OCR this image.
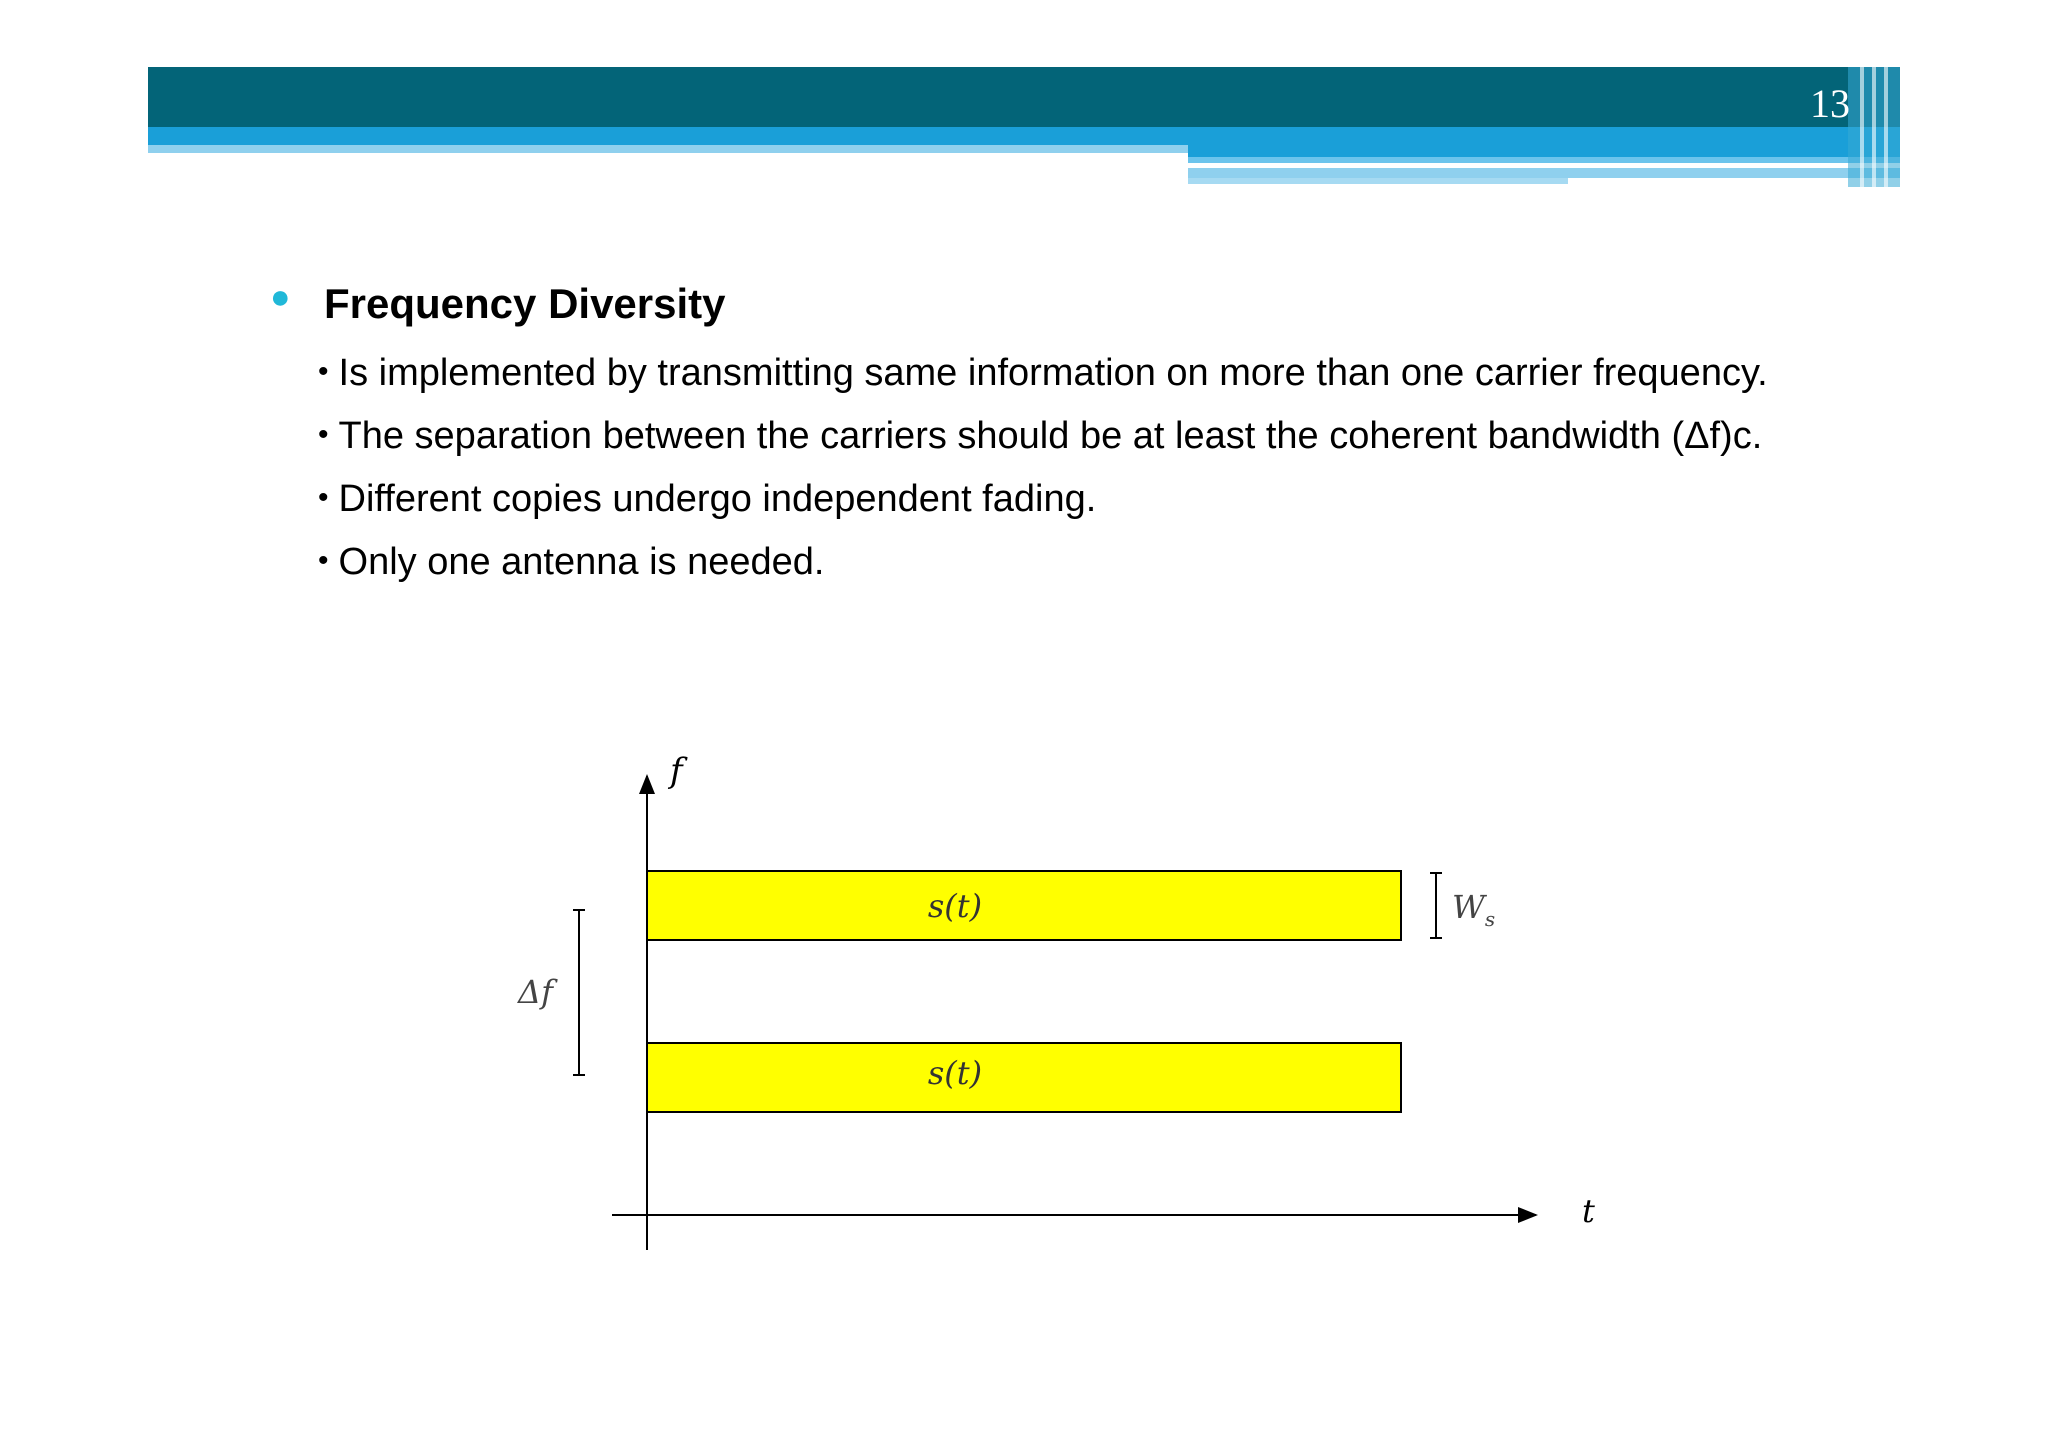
13
● Frequency Diversity
• Is implemented by transmitting same information on more than one carrier frequency.
• The separation between the carriers should be at least the coherent bandwidth (Δf)c.
• Different copies undergo independent fading.
• Only one antenna is needed.
f
t
s(t)
s(t)
$W_s$
Δf
